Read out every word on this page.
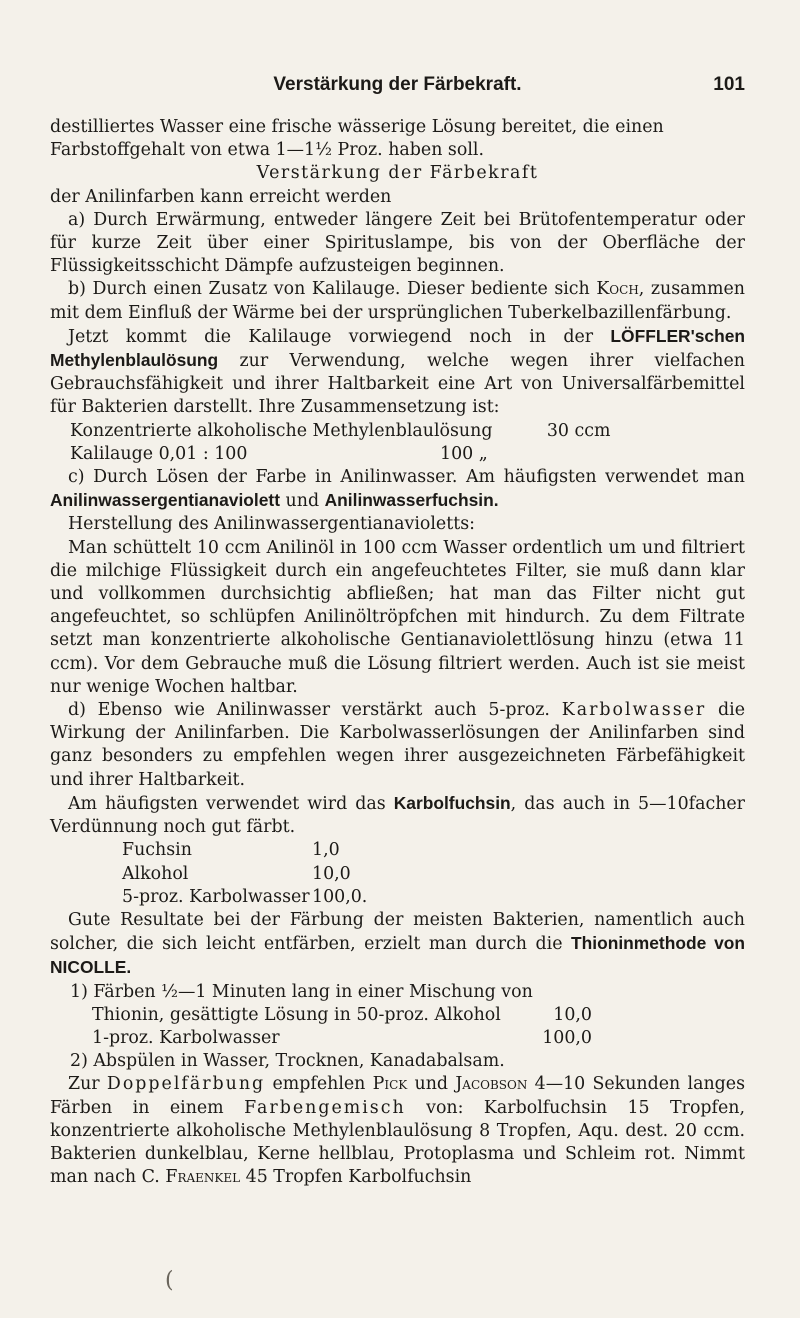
Verstärkung der Färbekraft.	101

destilliertes Wasser eine frische wässerige Lösung bereitet, die einen

Farbstoffgehalt von etwa 1—1½ Proz. haben soll.

Verstärkung der Färbekraft

der Anilinfarben kann erreicht werden

a) Durch Erwärmung, entweder längere Zeit bei Brütofentemperatur oder für kurze Zeit über einer Spirituslampe, bis von der Oberfläche der Flüssigkeitsschicht Dämpfe aufzusteigen beginnen.

b) Durch einen Zusatz von Kalilauge. Dieser bediente sich Koch, zusammen mit dem Einfluß der Wärme bei der ursprünglichen Tuberkelbazillenfärbung.

Jetzt kommt die Kalilauge vorwiegend noch in der LÖFFLER'schen Methylenblaulösung zur Verwendung, welche wegen ihrer vielfachen Gebrauchsfähigkeit und ihrer Haltbarkeit eine Art von Universalfärbemittel für Bakterien darstellt. Ihre Zusammensetzung ist:

Konzentrierte alkoholische Methylenblaulösung	30 ccm
Kalilauge 0,01 : 100	100 „

c) Durch Lösen der Farbe in Anilinwasser. Am häufigsten verwendet man Anilinwassergentianaviolett und Anilinwasserfuchsin.

Herstellung des Anilinwassergentianavioletts:

Man schüttelt 10 ccm Anilinöl in 100 ccm Wasser ordentlich um und filtriert die milchige Flüssigkeit durch ein angefeuchtetes Filter, sie muß dann klar und vollkommen durchsichtig abfließen; hat man das Filter nicht gut angefeuchtet, so schlüpfen Anilinöltröpfchen mit hindurch. Zu dem Filtrate setzt man konzentrierte alkoholische Gentianaviolettlösung hinzu (etwa 11 ccm). Vor dem Gebrauche muß die Lösung filtriert werden. Auch ist sie meist nur wenige Wochen haltbar.

d) Ebenso wie Anilinwasser verstärkt auch 5-proz. Karbolwasser die Wirkung der Anilinfarben. Die Karbolwasserlösungen der Anilinfarben sind ganz besonders zu empfehlen wegen ihrer ausgezeichneten Färbefähigkeit und ihrer Haltbarkeit.

Am häufigsten verwendet wird das Karbolfuchsin, das auch in 5—10facher Verdünnung noch gut färbt.

Fuchsin	1,0
Alkohol	10,0
5-proz. Karbolwasser 100,0.

Gute Resultate bei der Färbung der meisten Bakterien, namentlich auch solcher, die sich leicht entfärben, erzielt man durch die Thioninmethode von NICOLLE.

1) Färben ½—1 Minuten lang in einer Mischung von

Thionin, gesättigte Lösung in 50-proz. Alkohol	10,0
1-proz. Karbolwasser	100,0

2) Abspülen in Wasser, Trocknen, Kanadabalsam.

Zur Doppelfärbung empfehlen Pick und Jacobson 4—10 Sekunden langes Färben in einem Farbengemisch von: Karbolfuchsin 15 Tropfen, konzentrierte alkoholische Methylenblaulösung 8 Tropfen, Aqu. dest. 20 ccm. Bakterien dunkelblau, Kerne hellblau, Protoplasma und Schleim rot. Nimmt man nach C. Fraenkel 45 Tropfen Karbolfuchsin

(
